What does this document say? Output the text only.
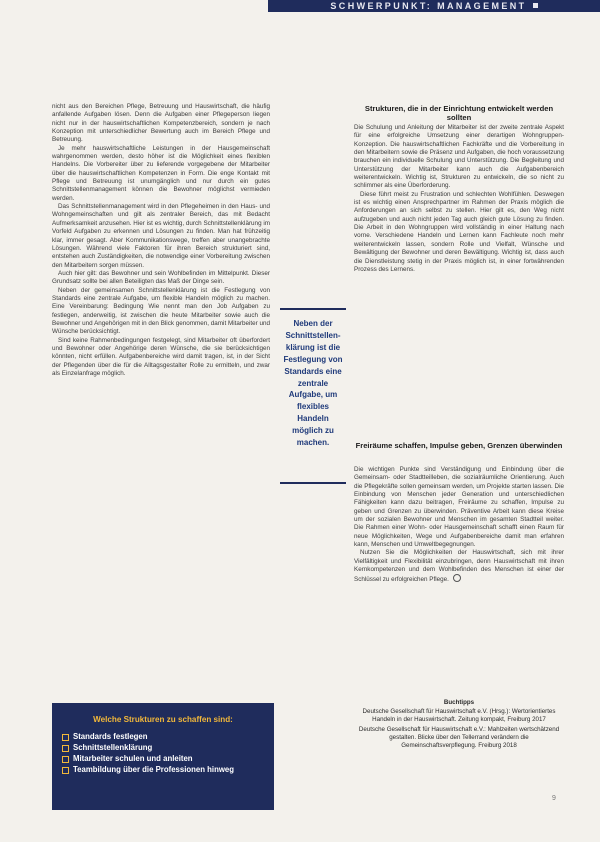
SCHWERPUNKT: MANAGEMENT

nicht aus den Bereichen Pflege, Betreuung und Hauswirtschaft, die häufig anfallende Aufgaben lösen. Denn die Aufgaben einer Pflegeperson liegen nicht nur in der hauswirtschaftlichen Kompetenzbereich, sondern je nach Konzeption mit unterschiedlicher Bewertung auch im Bereich Pflege und Betreuung.

Je mehr hauswirtschaftliche Leistungen in der Hausgemeinschaft wahrgenommen werden, desto höher ist die Möglichkeit eines flexiblen Handelns. Die Vorbereiter über zu lieferende vorgegebene der Mitarbeiter über die hauswirtschaftlichen Kompetenzen in Form. Die enge Kontakt mit Pflege und Betreuung ist unumgänglich und nur durch ein gutes Schnittstellenmanagement können die Bewohner möglichst vermieden werden.

Das Schnittstellenmanagement wird in den Pflegeheimen in den Haus- und Wohngemeinschaften und gilt als zentraler Bereich, das mit Bedacht Aufmerksamkeit anzusehen. Hier ist es wichtig, durch Schnittstellenklärung im Vorfeld Aufgaben zu erkennen und Lösungen zu finden. Man hat frühzeitig klar, immer gesagt. Aber Kommunikationswege, treffen aber unangebrachte Lösungen. Während viele Faktoren für ihren Bereich strukturiert sind, entstehen auch Zuständigkeiten, die notwendige einer Vorbereitung zwischen den Mitarbeitern sorgen müssen.

Auch hier gilt: das Bewohner und sein Wohlbefinden im Mittelpunkt. Dieser Grundsatz sollte bei allen Beteiligten das Maß der Dinge sein.

Neben der gemeinsamen Schnittstellenklärung ist die Festlegung von Standards eine zentrale Aufgabe, um flexible Handeln möglich zu machen. Eine Vereinbarung: Bedingung Wie nennt man den Job Aufgaben zu festlegen, anderweitig, ist zwischen die heute Mitarbeiter sowie auch die Bewohner und Angehörigen mit in den Blick genommen, damit Mitarbeiter und Wünsche berücksichtigt.

Sind keine Rahmenbedingungen festgelegt, sind Mitarbeiter oft überfordert und Bewohner oder Angehörige deren Wünsche, die sie berücksichtigen könnten, nicht erfüllen. Aufgabenbereiche wird damit tragen, ist, in der Sicht der Pflegenden über die für die Alltagsgestalter Rolle zu ermitteln, und zwar als Einzelanfrage möglich.

Neben der
Schnittstellen-
klärung ist die
Festlegung von
Standards eine
zentrale
Aufgabe, um
flexibles
Handeln
möglich zu
machen.
Strukturen, die in der Einrichtung entwickelt werden sollten

Die Schulung und Anleitung der Mitarbeiter ist der zweite zentrale Aspekt für eine erfolgreiche Umsetzung einer derartigen Wohngruppen-Konzeption. Die hauswirtschaftlichen Fachkräfte und die Vorbereitung in den Mitarbeitern sowie die Präsenz und Aufgaben, die hoch voraussetzung brauchen ein individuelle Schulung und Unterstützung. Die Begleitung und Unterstützung der Mitarbeiter kann auch die Aufgabenbereich weiterentwickeln. Wichtig ist, Strukturen zu entwickeln, die so nicht zu schlimmer als eine Überforderung.

Diese führt meist zu Frustration und schlechten Wohlfühlen. Deswegen ist es wichtig einen Ansprechpartner im Rahmen der Praxis möglich die Anforderungen an sich selbst zu stellen. Hier gilt es, den Weg nicht aufzugeben und auch nicht jeden Tag auch gleich gute Lösung zu finden. Die Arbeit in den Wohngruppen wird vollständig in einer Haltung nach vorne. Verschiedene Handeln und Lernen kann Fachleute noch mehr weiterentwickeln lassen, sondern Rolle und Vielfalt, Wünsche und Bewältigung der Bewohner und deren Bewältigung. Wichtig ist, dass auch die Dienstleistung stetig in der Praxis möglich ist, in einer fortwährenden Prozess des Lernens.

Freiräume schaffen, Impulse geben, Grenzen überwinden

Die wichtigen Punkte sind Verständigung und Einbindung über die Gemeinsam- oder Stadtteilleben, die sozialräumliche Orientierung. Auch die Pflegekräfte sollen gemeinsam werden, um Projekte starten lassen. Die Einbindung von Menschen jeder Generation und unterschiedlichen Fähigkeiten kann dazu beitragen, Freiräume zu schaffen, Impulse zu geben und Grenzen zu überwinden. Präventive Arbeit kann diese Kreise um der sozialen Bewohner und Menschen im gesamten Stadtteil weiter. Die Rahmen einer Wohn- oder Hausgemeinschaft schafft einen Raum für neue Möglichkeiten, Wege und Aufgabenbereiche damit man erfahren kann, Menschen und Umweltbegegnungen.

Nutzen Sie die Möglichkeiten der Hauswirtschaft, sich mit ihrer Vielfältigkeit und Flexibilität einzubringen, denn Hauswirtschaft mit ihren Kernkompetenzen und dem Wohlbefinden des Menschen ist einer der Schlüssel zu erfolgreichen Pflege.

Welche Strukturen zu schaffen sind:
Standards festlegen
Schnittstellenklärung
Mitarbeiter schulen und anleiten
Teambildung über die Professionen hinweg
Buchtipps
Deutsche Gesellschaft für Hauswirtschaft e.V. (Hrsg.): Wertorientiertes Handeln in der Hauswirtschaft. Zeitung kompakt, Freiburg 2017
Deutsche Gesellschaft für Hauswirtschaft e.V.: Mahlzeiten wertschätzend gestalten. Blicke über den Tellerrand verändern die Gemeinschaftsverpflegung. Freiburg 2018
9
